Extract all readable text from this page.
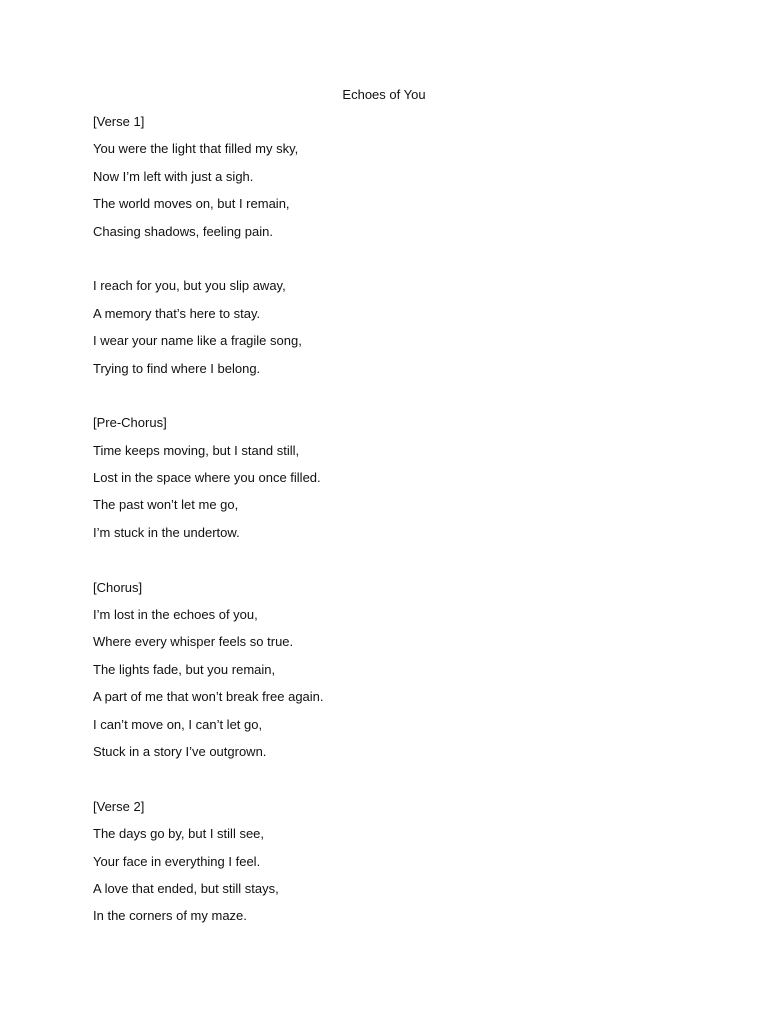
Echoes of You
[Verse 1]
You were the light that filled my sky,
Now I’m left with just a sigh.
The world moves on, but I remain,
Chasing shadows, feeling pain.
I reach for you, but you slip away,
A memory that’s here to stay.
I wear your name like a fragile song,
Trying to find where I belong.
[Pre-Chorus]
Time keeps moving, but I stand still,
Lost in the space where you once filled.
The past won’t let me go,
I’m stuck in the undertow.
[Chorus]
I’m lost in the echoes of you,
Where every whisper feels so true.
The lights fade, but you remain,
A part of me that won’t break free again.
I can’t move on, I can’t let go,
Stuck in a story I’ve outgrown.
[Verse 2]
The days go by, but I still see,
Your face in everything I feel.
A love that ended, but still stays,
In the corners of my maze.
